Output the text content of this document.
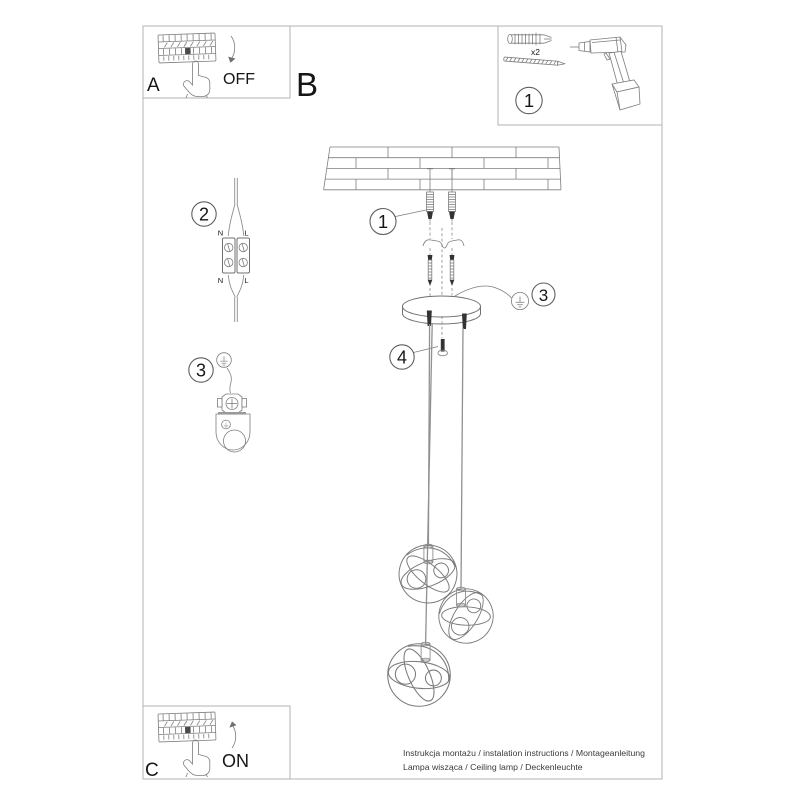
A	OFF B
x2
1
2
N	L
N	L
3
1
3
4
C	ON	Instrukcja montażu / instalation instructions / Montageanleitung
Lampa wisząca / Ceiling lamp / Deckenleuchte
